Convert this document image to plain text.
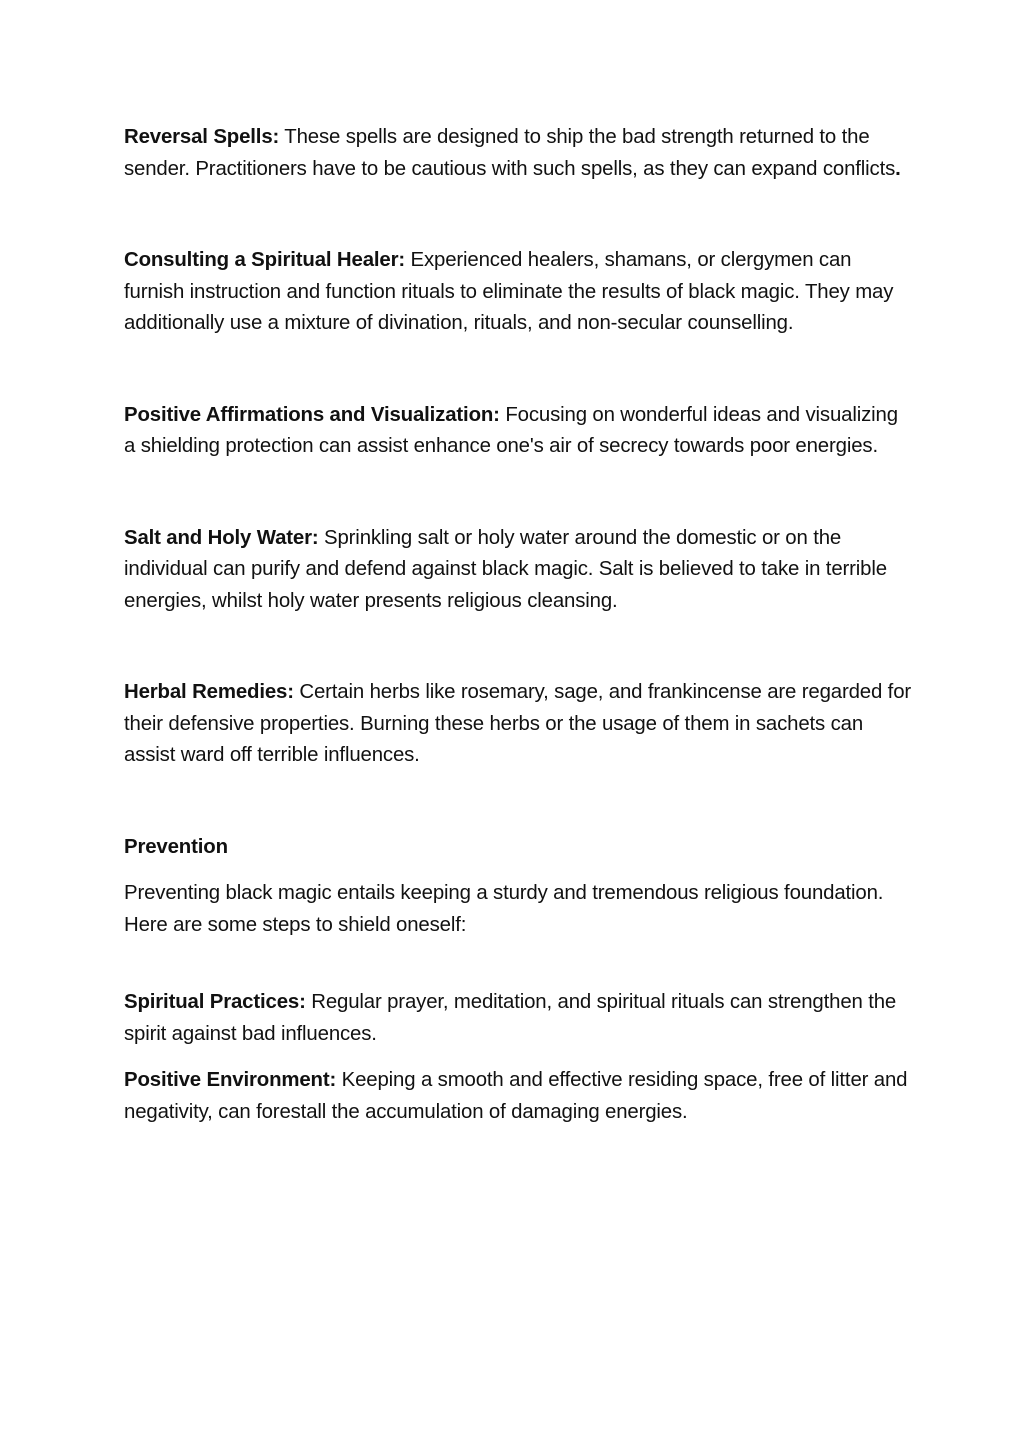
Reversal Spells: These spells are designed to ship the bad strength returned to the sender. Practitioners have to be cautious with such spells, as they can expand conflicts.

Consulting a Spiritual Healer: Experienced healers, shamans, or clergymen can furnish instruction and function rituals to eliminate the results of black magic. They may additionally use a mixture of divination, rituals, and non-secular counselling.

Positive Affirmations and Visualization: Focusing on wonderful ideas and visualizing a shielding protection can assist enhance one's air of secrecy towards poor energies.

Salt and Holy Water: Sprinkling salt or holy water around the domestic or on the individual can purify and defend against black magic. Salt is believed to take in terrible energies, whilst holy water presents religious cleansing.

Herbal Remedies: Certain herbs like rosemary, sage, and frankincense are regarded for their defensive properties. Burning these herbs or the usage of them in sachets can assist ward off terrible influences.

Prevention

Preventing black magic entails keeping a sturdy and tremendous religious foundation. Here are some steps to shield oneself:

Spiritual Practices: Regular prayer, meditation, and spiritual rituals can strengthen the spirit against bad influences.

Positive Environment: Keeping a smooth and effective residing space, free of litter and negativity, can forestall the accumulation of damaging energies.
